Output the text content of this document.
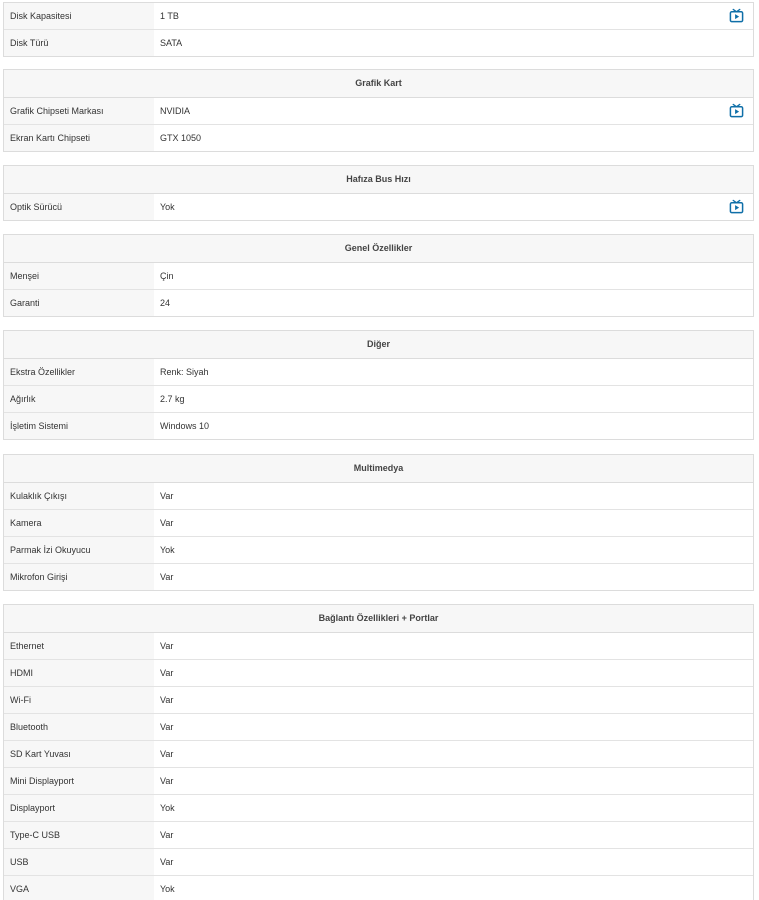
Disk Kapasitesi	1 TB
Disk Türü	SATA
Grafik Kart
Grafik Chipseti Markası	NVIDIA
Ekran Kartı Chipseti	GTX 1050
Hafıza Bus Hızı
Optik Sürücü	Yok
Genel Özellikler
Menşei	Çin
Garanti	24
Diğer
Ekstra Özellikler	Renk: Siyah
Ağırlık	2.7 kg
İşletim Sistemi	Windows 10
Multimedya
Kulaklık Çıkışı	Var
Kamera	Var
Parmak İzi Okuyucu	Yok
Mikrofon Girişi	Var
Bağlantı Özellikleri + Portlar
Ethernet	Var
HDMI	Var
Wi-Fi	Var
Bluetooth	Var
SD Kart Yuvası	Var
Mini Displayport	Var
Displayport	Yok
Type-C USB	Var
USB	Var
VGA	Yok
